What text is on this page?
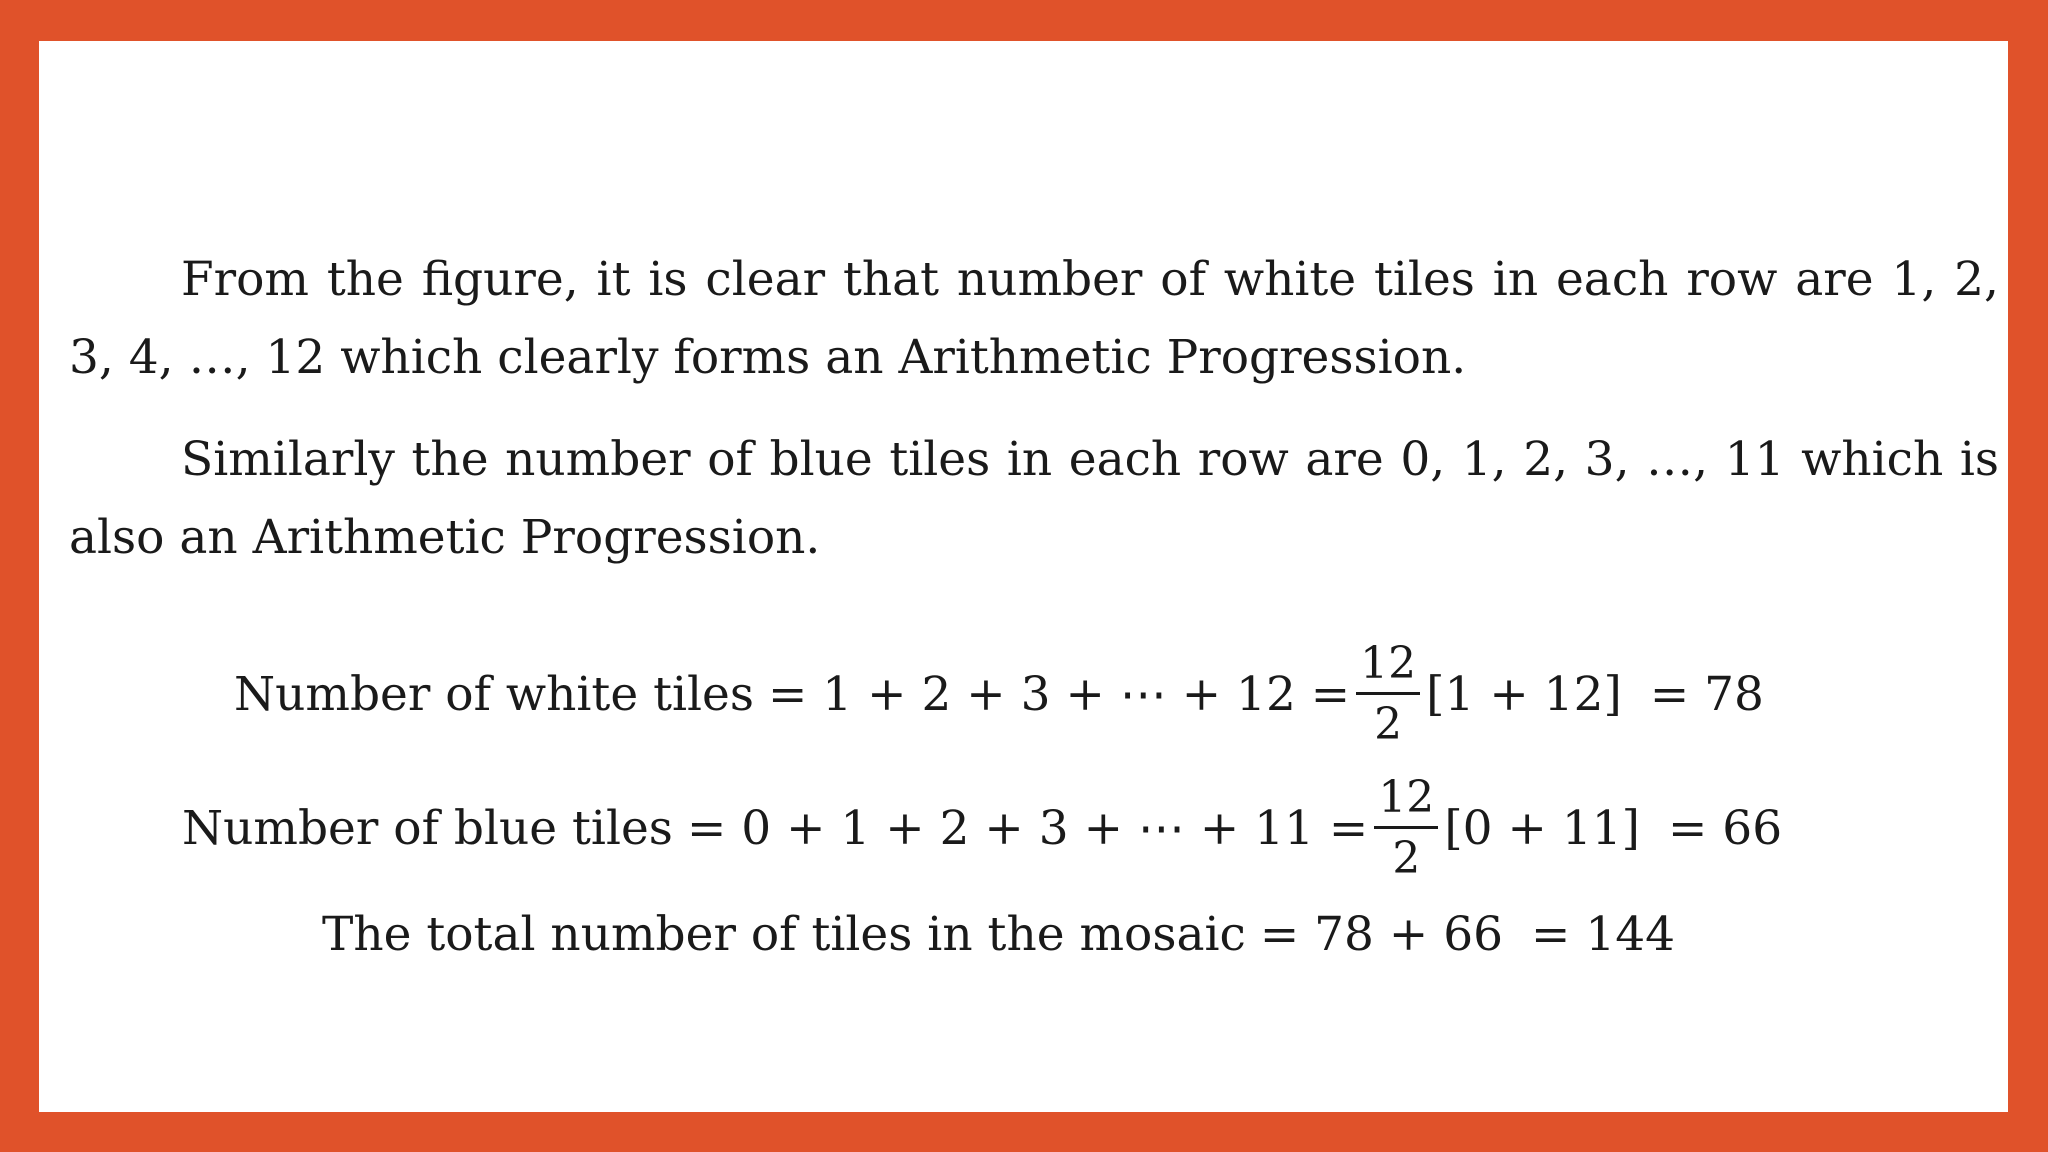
From the figure, it is clear that number of white tiles in each row are 1, 2, 3, 4, …, 12 which clearly forms an Arithmetic Progression.

Similarly the number of blue tiles in each row are 0, 1, 2, 3, …, 11 which is also an Arithmetic Progression.

Number of white tiles = 1 + 2 + 3 + ⋯ + $12 = \frac{12}{2} [1 + 12] = 78$
Number of blue tiles = 0 + 1 + 2 + 3 + ⋯ + $11 = \frac{12}{2} [0 + 11] = 66$
The total number of tiles in the mosaic = 78 + 66 = 144
